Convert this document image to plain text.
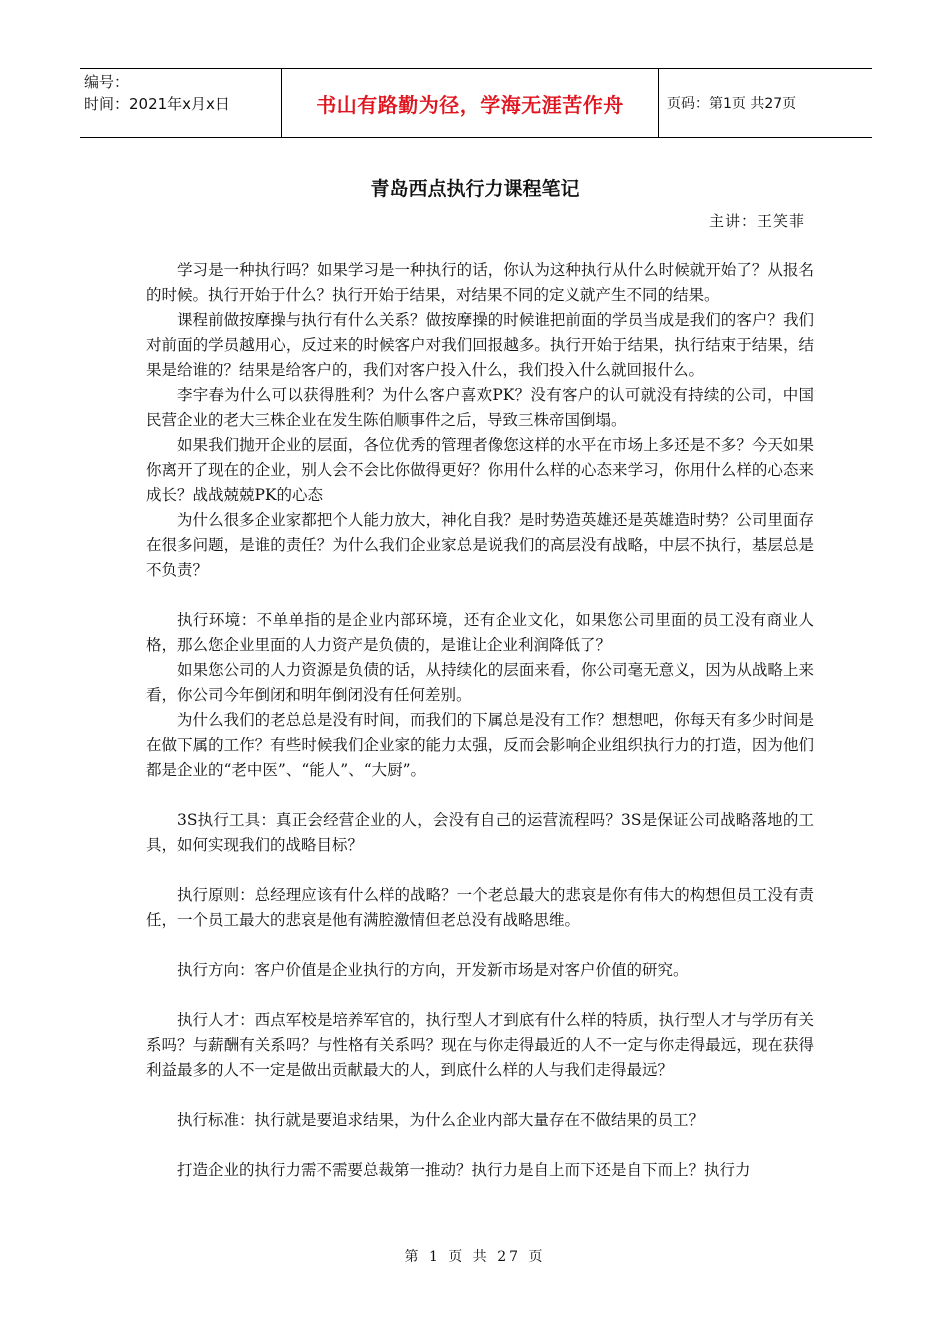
编号：
时间：2021年x月x日	书山有路勤为径，学海无涯苦作舟	页码：第1页 共27页
青岛西点执行力课程笔记
主讲：王笑菲

学习是一种执行吗？如果学习是一种执行的话，你认为这种执行从什么时候就开始了？从报名的时候。执行开始于什么？执行开始于结果，对结果不同的定义就产生不同的结果。

课程前做按摩操与执行有什么关系？做按摩操的时候谁把前面的学员当成是我们的客户？我们对前面的学员越用心，反过来的时候客户对我们回报越多。执行开始于结果，执行结束于结果，结果是给谁的？结果是给客户的，我们对客户投入什么，我们投入什么就回报什么。

李宇春为什么可以获得胜利？为什么客户喜欢PK？没有客户的认可就没有持续的公司，中国民营企业的老大三株企业在发生陈伯顺事件之后，导致三株帝国倒塌。

如果我们抛开企业的层面，各位优秀的管理者像您这样的水平在市场上多还是不多？今天如果你离开了现在的企业，别人会不会比你做得更好？你用什么样的心态来学习，你用什么样的心态来成长？战战兢兢PK的心态

为什么很多企业家都把个人能力放大，神化自我？是时势造英雄还是英雄造时势？公司里面存在很多问题，是谁的责任？为什么我们企业家总是说我们的高层没有战略，中层不执行，基层总是不负责？

执行环境：不单单指的是企业内部环境，还有企业文化，如果您公司里面的员工没有商业人格，那么您企业里面的人力资产是负债的，是谁让企业利润降低了？

如果您公司的人力资源是负债的话，从持续化的层面来看，你公司毫无意义，因为从战略上来看，你公司今年倒闭和明年倒闭没有任何差别。

为什么我们的老总总是没有时间，而我们的下属总是没有工作？想想吧，你每天有多少时间是在做下属的工作？有些时候我们企业家的能力太强，反而会影响企业组织执行力的打造，因为他们都是企业的“老中医”、“能人”、“大厨”。

3S执行工具：真正会经营企业的人，会没有自己的运营流程吗？3S是保证公司战略落地的工具，如何实现我们的战略目标？

执行原则：总经理应该有什么样的战略？一个老总最大的悲哀是你有伟大的构想但员工没有责任，一个员工最大的悲哀是他有满腔激情但老总没有战略思维。

执行方向：客户价值是企业执行的方向，开发新市场是对客户价值的研究。

执行人才：西点军校是培养军官的，执行型人才到底有什么样的特质，执行型人才与学历有关系吗？与薪酬有关系吗？与性格有关系吗？现在与你走得最近的人不一定与你走得最远，现在获得利益最多的人不一定是做出贡献最大的人，到底什么样的人与我们走得最远？

执行标准：执行就是要追求结果，为什么企业内部大量存在不做结果的员工？

打造企业的执行力需不需要总裁第一推动？执行力是自上而下还是自下而上？执行力

第 1 页 共 27 页
